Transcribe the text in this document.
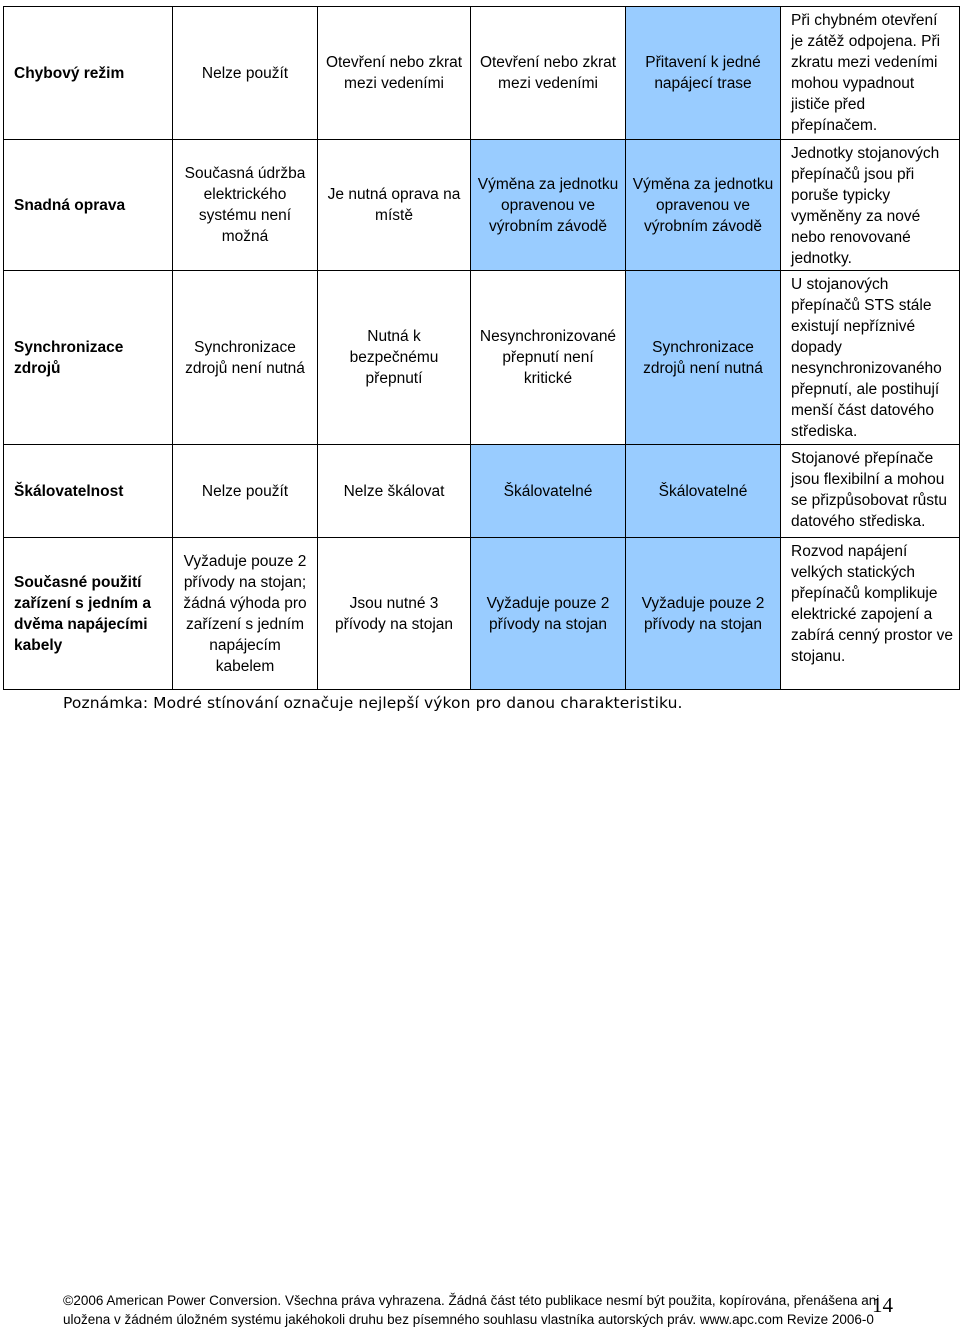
Chybový režim	Nelze použít	Otevření nebo zkrat mezi vedeními	Otevření nebo zkrat mezi vedeními	Přitavení k jedné napájecí trase	Při chybném otevření je zátěž odpojena. Při zkratu mezi vedeními mohou vypadnout jističe před přepínačem.
Snadná oprava	Současná údržba elektrického systému není možná	Je nutná oprava na místě	Výměna za jednotku opravenou ve výrobním závodě	Výměna za jednotku opravenou ve výrobním závodě	Jednotky stojanových přepínačů jsou při poruše typicky vyměněny za nové nebo renovované jednotky.
Synchronizace zdrojů	Synchronizace zdrojů není nutná	Nutná k bezpečnému přepnutí	Nesynchronizované přepnutí není kritické	Synchronizace zdrojů není nutná	U stojanových přepínačů STS stále existují nepříznivé dopady nesynchronizovaného přepnutí, ale postihují menší část datového střediska.
Škálovatelnost	Nelze použít	Nelze škálovat	Škálovatelné	Škálovatelné	Stojanové přepínače jsou flexibilní a mohou se přizpůsobovat růstu datového střediska.
Současné použití zařízení s jedním a dvěma napájecími kabely	Vyžaduje pouze 2 přívody na stojan; žádná výhoda pro zařízení s jedním napájecím kabelem	Jsou nutné 3 přívody na stojan	Vyžaduje pouze 2 přívody na stojan	Vyžaduje pouze 2 přívody na stojan	Rozvod napájení velkých statických přepínačů komplikuje elektrické zapojení a zabírá cenný prostor ve stojanu.
Poznámka: Modré stínování označuje nejlepší výkon pro danou charakteristiku.
©2006 American Power Conversion. Všechna práva vyhrazena. Žádná část této publikace nesmí být použita, kopírována, přenášena ani
uložena v žádném úložném systému jakéhokoli druhu bez písemného souhlasu vlastníka autorských práv. www.apc.com Revize 2006-0
14
